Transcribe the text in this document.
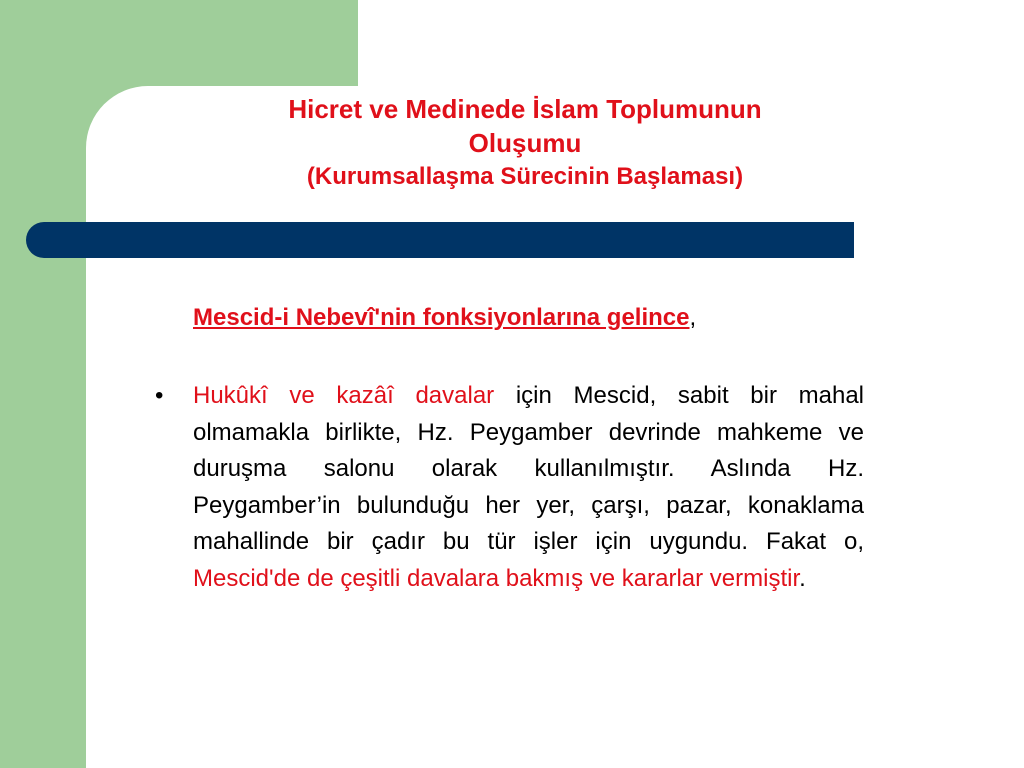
Hicret ve Medinede İslam Toplumunun
Oluşumu
(Kurumsallaşma Sürecinin Başlaması)
Mescid-i Nebevî'nin fonksiyonlarına gelince,
• Hukûkî ve kazâî davalar için Mescid, sabit bir mahal olmamakla birlikte, Hz. Peygamber devrinde mahkeme ve duruşma salonu olarak kullanılmıştır. Aslında Hz. Peygamber’in bulunduğu her yer, çarşı, pazar, konaklama mahallinde bir çadır bu tür işler için uygundu. Fakat o, Mescid'de de çeşitli davalara bakmış ve kararlar vermiştir.
